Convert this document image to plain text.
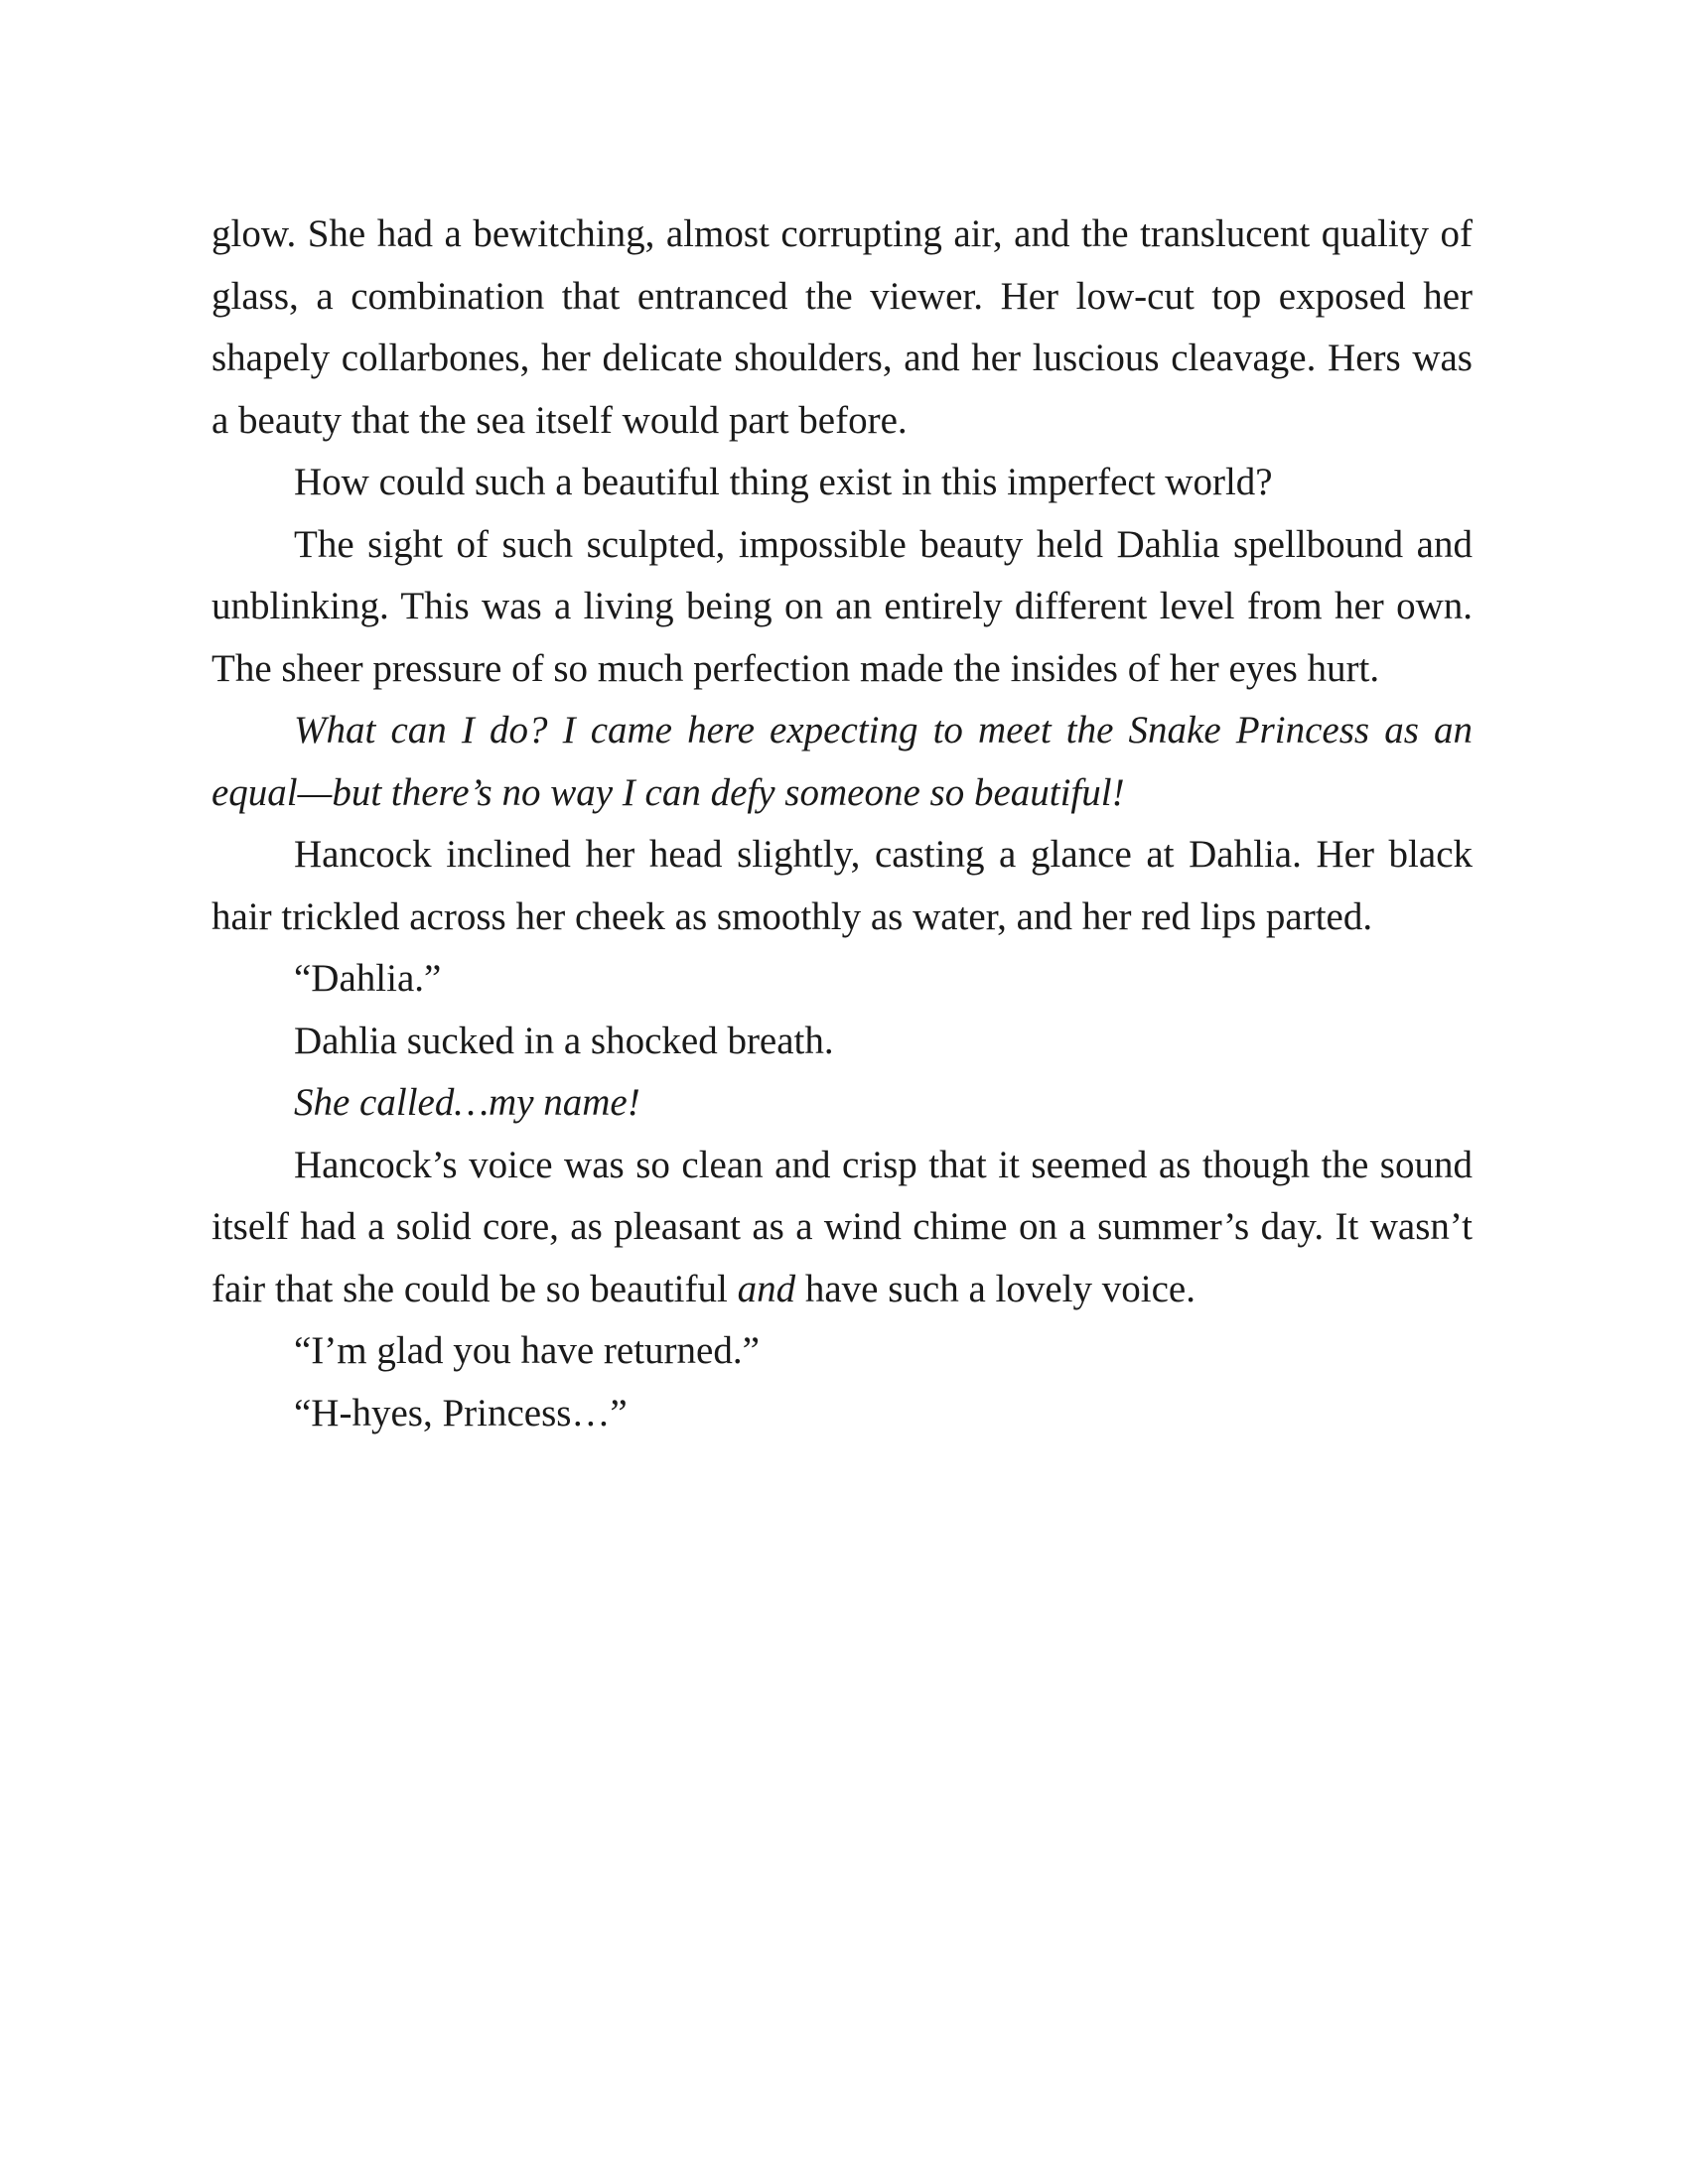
glow. She had a bewitching, almost corrupting air, and the translucent quality of glass, a combination that entranced the viewer. Her low-cut top exposed her shapely collarbones, her delicate shoulders, and her luscious cleavage. Hers was a beauty that the sea itself would part before.

How could such a beautiful thing exist in this imperfect world?

The sight of such sculpted, impossible beauty held Dahlia spellbound and unblinking. This was a living being on an entirely different level from her own. The sheer pressure of so much perfection made the insides of her eyes hurt.

What can I do? I came here expecting to meet the Snake Princess as an equal—but there’s no way I can defy someone so beautiful!

Hancock inclined her head slightly, casting a glance at Dahlia. Her black hair trickled across her cheek as smoothly as water, and her red lips parted.

“Dahlia.”

Dahlia sucked in a shocked breath.

She called…my name!

Hancock’s voice was so clean and crisp that it seemed as though the sound itself had a solid core, as pleasant as a wind chime on a summer’s day. It wasn’t fair that she could be so beautiful and have such a lovely voice.

“I’m glad you have returned.”

“H-hyes, Princess…”
